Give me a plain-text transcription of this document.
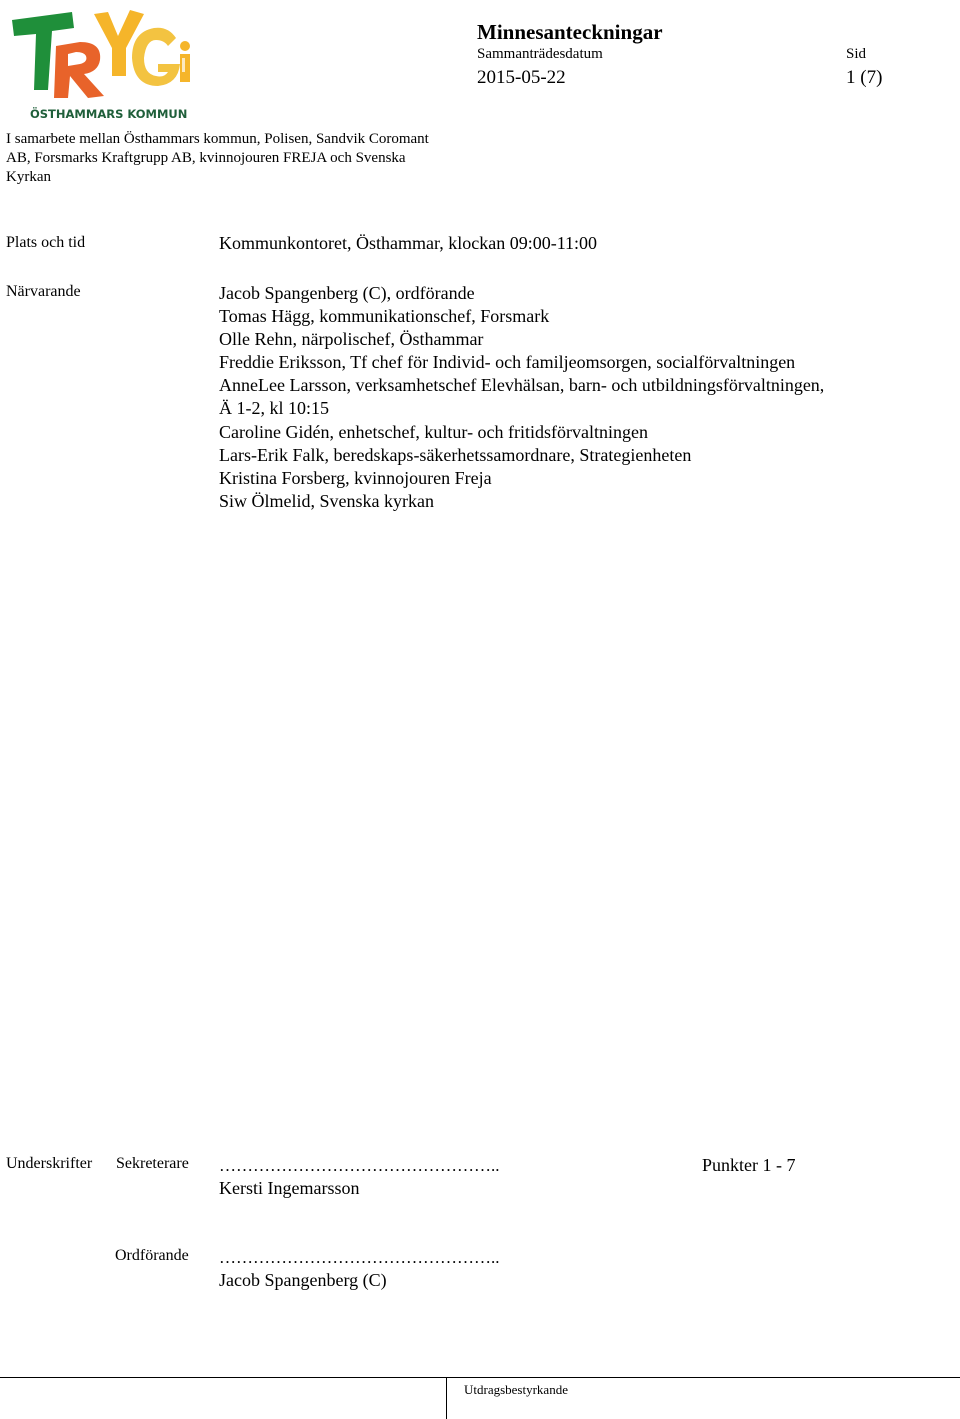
ÖSTHAMMARS KOMMUN
Minnesanteckningar
Sammanträdesdatum	Sid
2015-05-22	1 (7)
I samarbete mellan Östhammars kommun, Polisen, Sandvik Coromant
AB, Forsmarks Kraftgrupp AB, kvinnojouren FREJA och Svenska
Kyrkan
Plats och tid	Kommunkontoret, Östhammar, klockan 09:00-11:00
Närvarande	Jacob Spangenberg (C), ordförande
Tomas Hägg, kommunikationschef, Forsmark
Olle Rehn, närpolischef, Östhammar
Freddie Eriksson, Tf chef för Individ- och familjeomsorgen, socialförvaltningen
AnneLee Larsson, verksamhetschef Elevhälsan, barn- och utbildningsförvaltningen,
Ä 1-2, kl 10:15
Caroline Gidén, enhetschef, kultur- och fritidsförvaltningen
Lars-Erik Falk, beredskaps-säkerhetssamordnare, Strategienheten
Kristina Forsberg, kvinnojouren Freja
Siw Ölmelid, Svenska kyrkan
Underskrifter Sekreterare …………………………………………..	Punkter 1 - 7
Kersti Ingemarsson
Ordförande …………………………………………..
Jacob Spangenberg (C)
Utdragsbestyrkande
